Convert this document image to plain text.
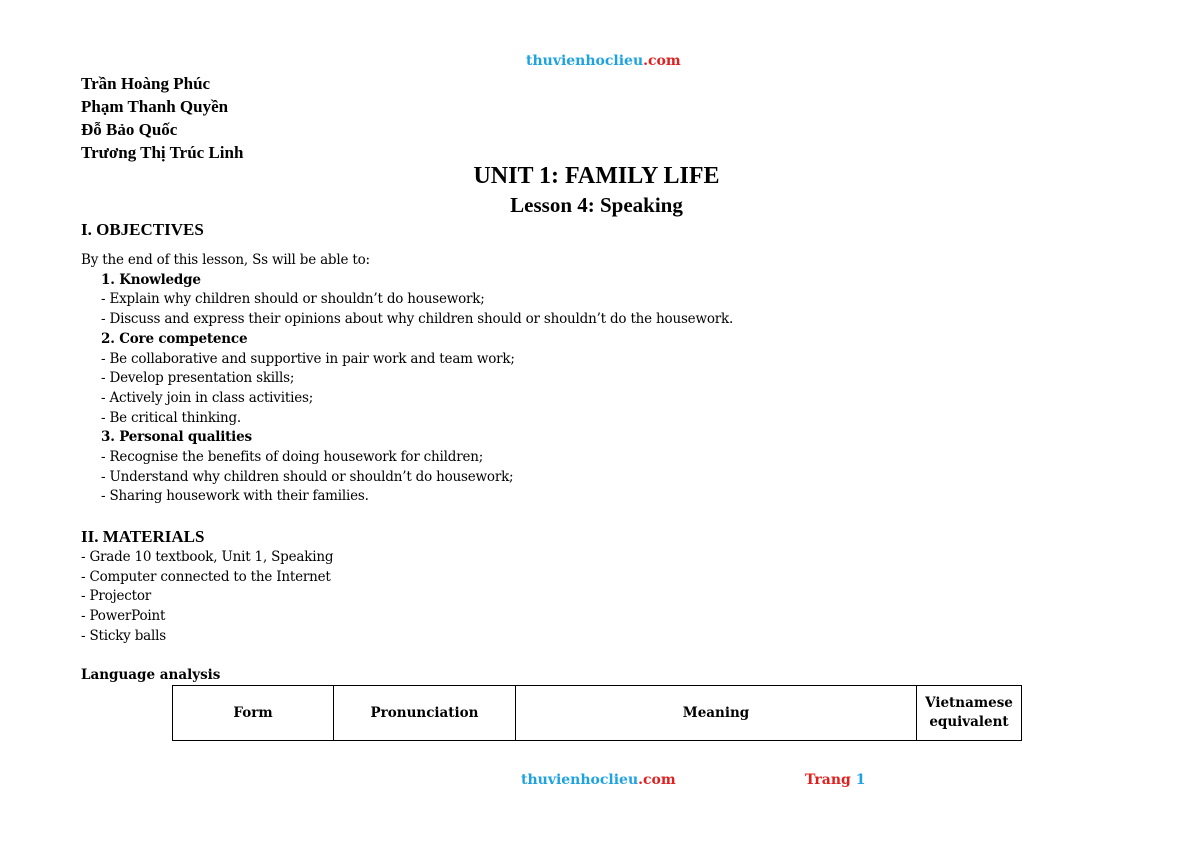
thuvienhoclieu.com
Trần Hoàng Phúc
Phạm Thanh Quyền
Đỗ Bảo Quốc
Trương Thị Trúc Linh
UNIT 1: FAMILY LIFE
Lesson 4: Speaking
I. OBJECTIVES
By the end of this lesson, Ss will be able to:
1. Knowledge
- Explain why children should or shouldn’t do housework;
- Discuss and express their opinions about why children should or shouldn’t do the housework.
2. Core competence
- Be collaborative and supportive in pair work and team work;
- Develop presentation skills;
- Actively join in class activities;
- Be critical thinking.
3. Personal qualities
- Recognise the benefits of doing housework for children;
- Understand why children should or shouldn’t do housework;
- Sharing housework with their families.
II. MATERIALS
- Grade 10 textbook, Unit 1, Speaking
- Computer connected to the Internet
- Projector
- PowerPoint
- Sticky balls
Language analysis
Form	Pronunciation	Meaning	Vietnamese
equivalent
thuvienhoclieu.com	Trang 1
